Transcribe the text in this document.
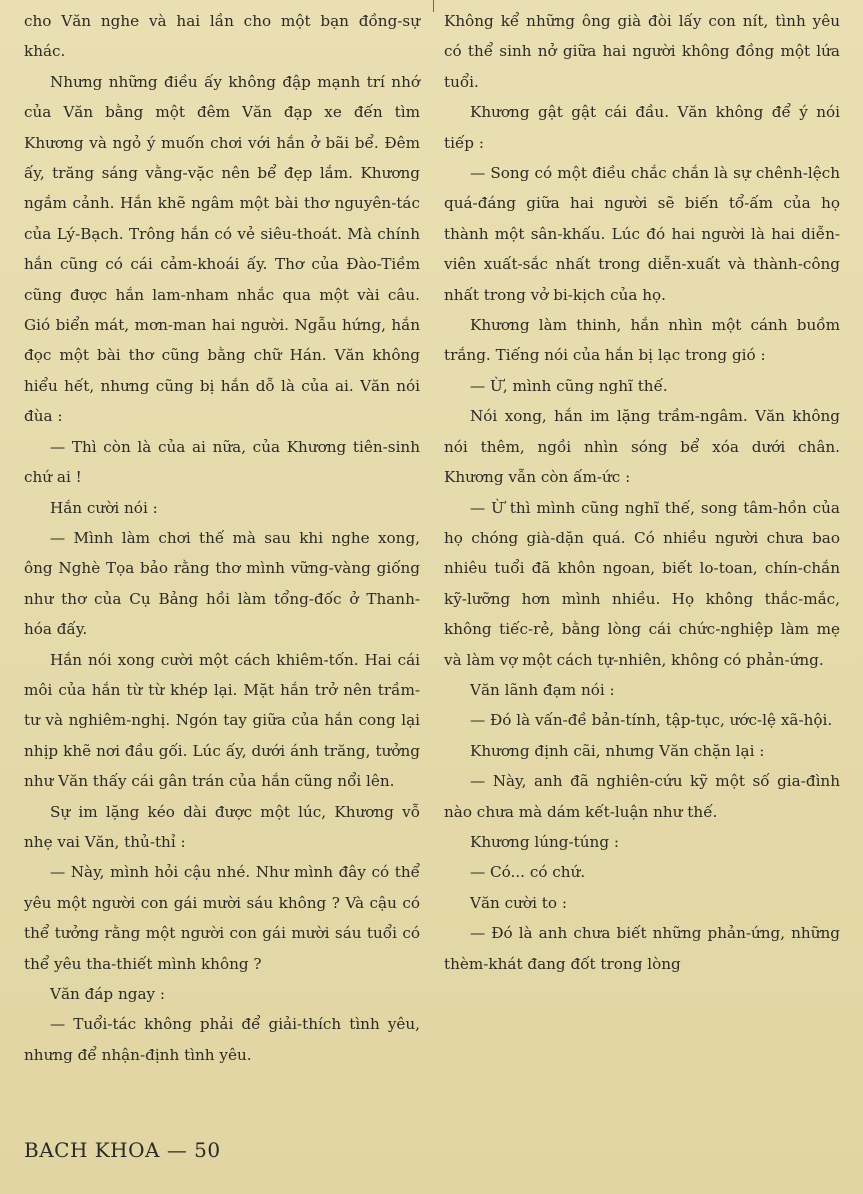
cho Văn nghe và hai lần cho một bạn đồng-sự khác.

Nhưng những điều ấy không đập mạnh trí nhớ của Văn bằng một đêm Văn đạp xe đến tìm Khương và ngỏ ý muốn chơi với hắn ở bãi bể. Đêm ấy, trăng sáng vằng-vặc nên bể đẹp lắm. Khương ngắm cảnh. Hắn khẽ ngâm một bài thơ nguyên-tác của Lý-Bạch. Trông hắn có vẻ siêu-thoát. Mà chính hắn cũng có cái cảm-khoái ấy. Thơ của Đào-Tiềm cũng được hắn lam-nham nhắc qua một vài câu. Gió biển mát, mơn-man hai người. Ngẫu hứng, hắn đọc một bài thơ cũng bằng chữ Hán. Văn không hiểu hết, nhưng cũng bị hắn dỗ là của ai. Văn nói đùa :

— Thì còn là của ai nữa, của Khương tiên-sinh chứ ai !

Hắn cười nói :

— Mình làm chơi thế mà sau khi nghe xong, ông Nghè Tọa bảo rằng thơ mình vững-vàng giống như thơ của Cụ Bảng hồi làm tổng-đốc ở Thanh-hóa đấy.

Hắn nói xong cười một cách khiêm-tốn. Hai cái môi của hắn từ từ khép lại. Mặt hắn trở nên trầm-tư và nghiêm-nghị. Ngón tay giữa của hắn cong lại nhịp khẽ nơi đầu gối. Lúc ấy, dưới ánh trăng, tưởng như Văn thấy cái gân trán của hắn cũng nổi lên.

Sự im lặng kéo dài được một lúc, Khương vỗ nhẹ vai Văn, thủ-thỉ :

— Này, mình hỏi cậu nhé. Như mình đây có thể yêu một người con gái mười sáu không ? Và cậu có thể tưởng rằng một người con gái mười sáu tuổi có thể yêu tha-thiết mình không ?

Văn đáp ngay :

— Tuổi-tác không phải để giải-thích tình yêu, nhưng để nhận-định tình yêu.

Không kể những ông già đòi lấy con nít, tình yêu có thể sinh nở giữa hai người không đồng một lứa tuổi.

Khương gật gật cái đầu. Văn không để ý nói tiếp :

— Song có một điều chắc chắn là sự chênh-lệch quá-đáng giữa hai người sẽ biến tổ-ấm của họ thành một sân-khấu. Lúc đó hai người là hai diễn-viên xuất-sắc nhất trong diễn-xuất và thành-công nhất trong vở bi-kịch của họ.

Khương làm thinh, hắn nhìn một cánh buồm trắng. Tiếng nói của hắn bị lạc trong gió :

— Ừ, mình cũng nghĩ thế.

Nói xong, hắn im lặng trầm-ngâm. Văn không nói thêm, ngồi nhìn sóng bể xóa dưới chân. Khương vẫn còn ấm-ức :

— Ừ thì mình cũng nghĩ thế, song tâm-hồn của họ chóng già-dặn quá. Có nhiều người chưa bao nhiêu tuổi đã khôn ngoan, biết lo-toan, chín-chắn kỹ-lưỡng hơn mình nhiều. Họ không thắc-mắc, không tiếc-rẻ, bằng lòng cái chức-nghiệp làm mẹ và làm vợ một cách tự-nhiên, không có phản-ứng.

Văn lãnh đạm nói :

— Đó là vấn-đề bản-tính, tập-tục, ước-lệ xã-hội.

Khương định cãi, nhưng Văn chặn lại :

— Này, anh đã nghiên-cứu kỹ một số gia-đình nào chưa mà dám kết-luận như thế.

Khương lúng-túng :

— Có... có chứ.

Văn cười to :

— Đó là anh chưa biết những phản-ứng, những thèm-khát đang đốt trong lòng

BACH KHOA — 50
